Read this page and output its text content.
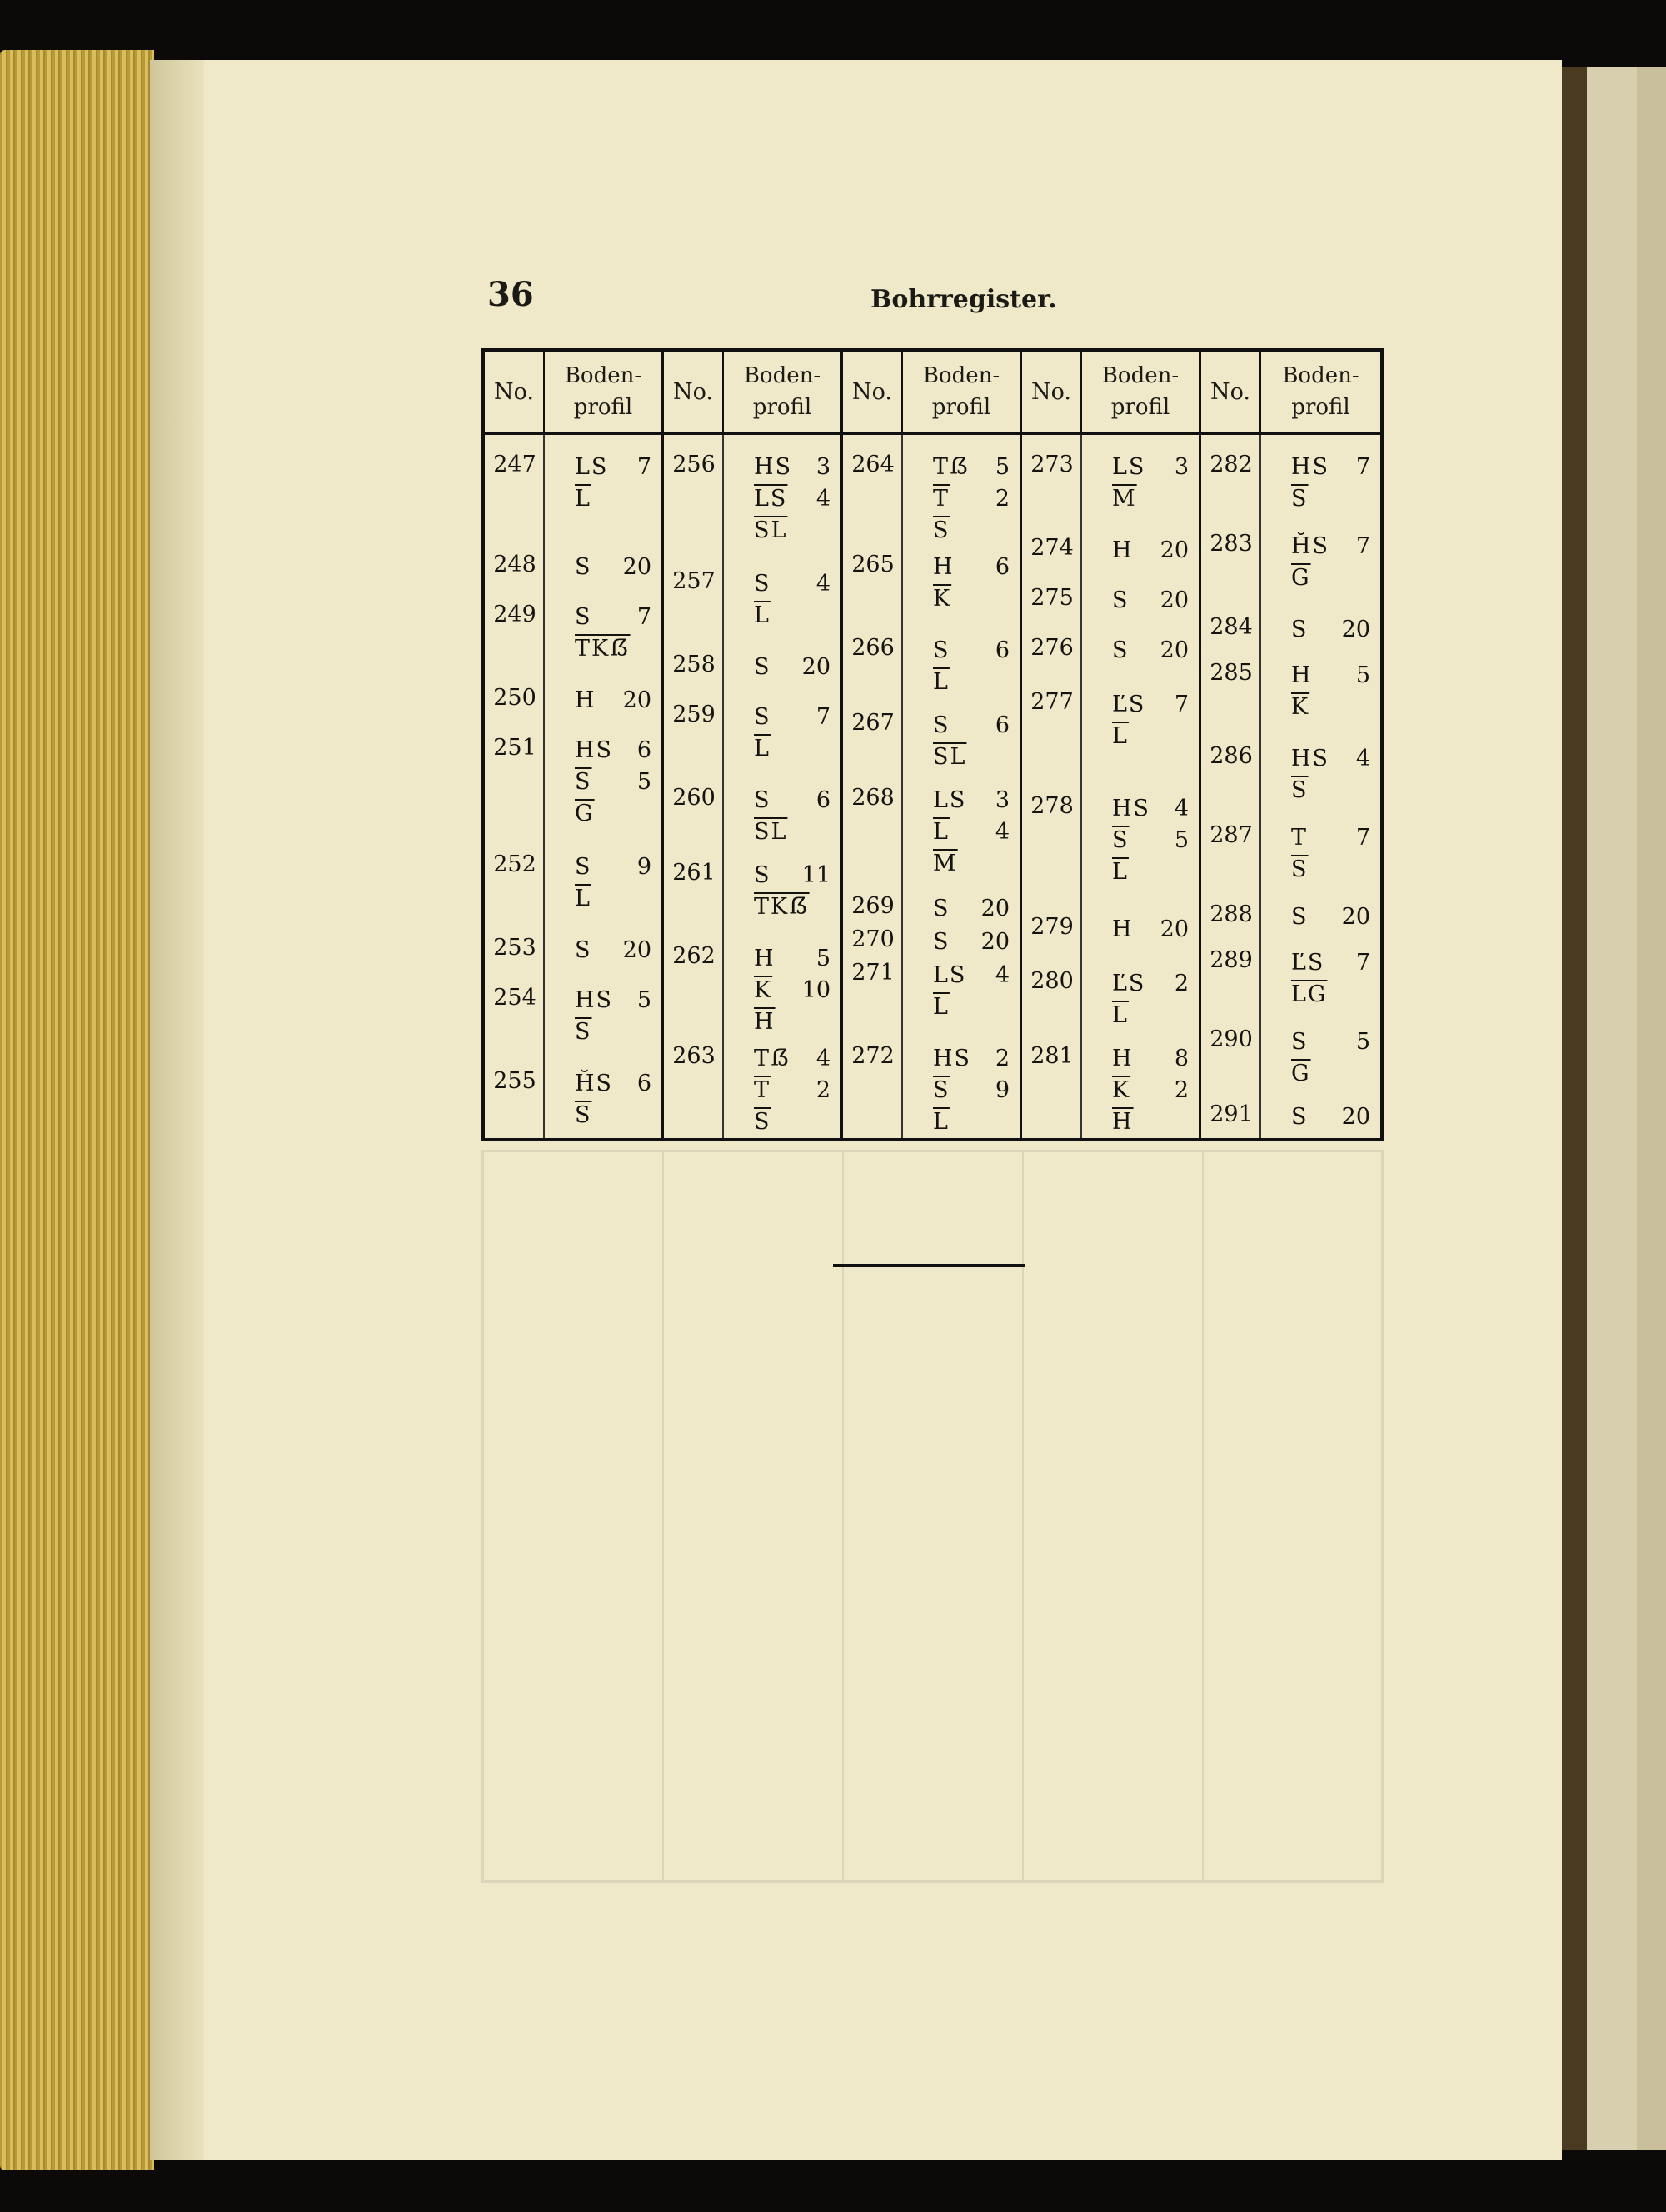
36	Bohrregister.
No.
Boden-
profil
247 LS 7
$\overline{L}$
248 S 20
249 S 7
$\overline{TKẞ}$
250 H 20
251 HS 6
$\overline{S}$ 5
$\overline{G}$
252 S 9
$\overline{L}$
253 S 20
254 HS 5
$\overline{S}$
255 H̆S 6
$\overline{S}$
No.
Boden-
profil
256 HS 3
$\overline{LS}$ 4
$\overline{SL}$
257 S 4
$\overline{L}$
258 S 20
259 S 7
$\overline{L}$
260 S 6
$\overline{SL}$
261 S 11
$\overline{TKẞ}$
262 H 5
$\overline{K}$ 10
$\overline{H}$
263 Tẞ 4
$\overline{T}$ 2
$\overline{S}$
No.
Boden-
profil
264 Tẞ 5
$\overline{T}$ 2
$\overline{S}$
265 H 6
$\overline{K}$
266 S 6
$\overline{L}$
267 S 6
$\overline{SL}$
268 LS 3
$\overline{L}$ 4
$\overline{M}$
269 S 20
270 S 20
271 LS 4
$\overline{L}$
272 HS 2
$\overline{S}$ 9
$\overline{L}$
No.
Boden-
profil
273 LS 3
$\overline{M}$
274 H 20
275 S 20
276 S 20
277 ĽS 7
$\overline{L}$
278 HS 4
$\overline{S}$ 5
$\overline{L}$
279 H 20
280 ĽS 2
$\overline{L}$
281 H 8
$\overline{K}$ 2
$\overline{H}$
No.
Boden-
profil
282 HS 7
$\overline{S}$
283 H̆S 7
$\overline{G}$
284 S 20
285 H 5
$\overline{K}$
286 HS 4
$\overline{S}$
287 T 7
$\overline{S}$
288 S 20
289 ĽS 7
$\overline{LG}$
290 S 5
$\overline{G}$
291 S 20
